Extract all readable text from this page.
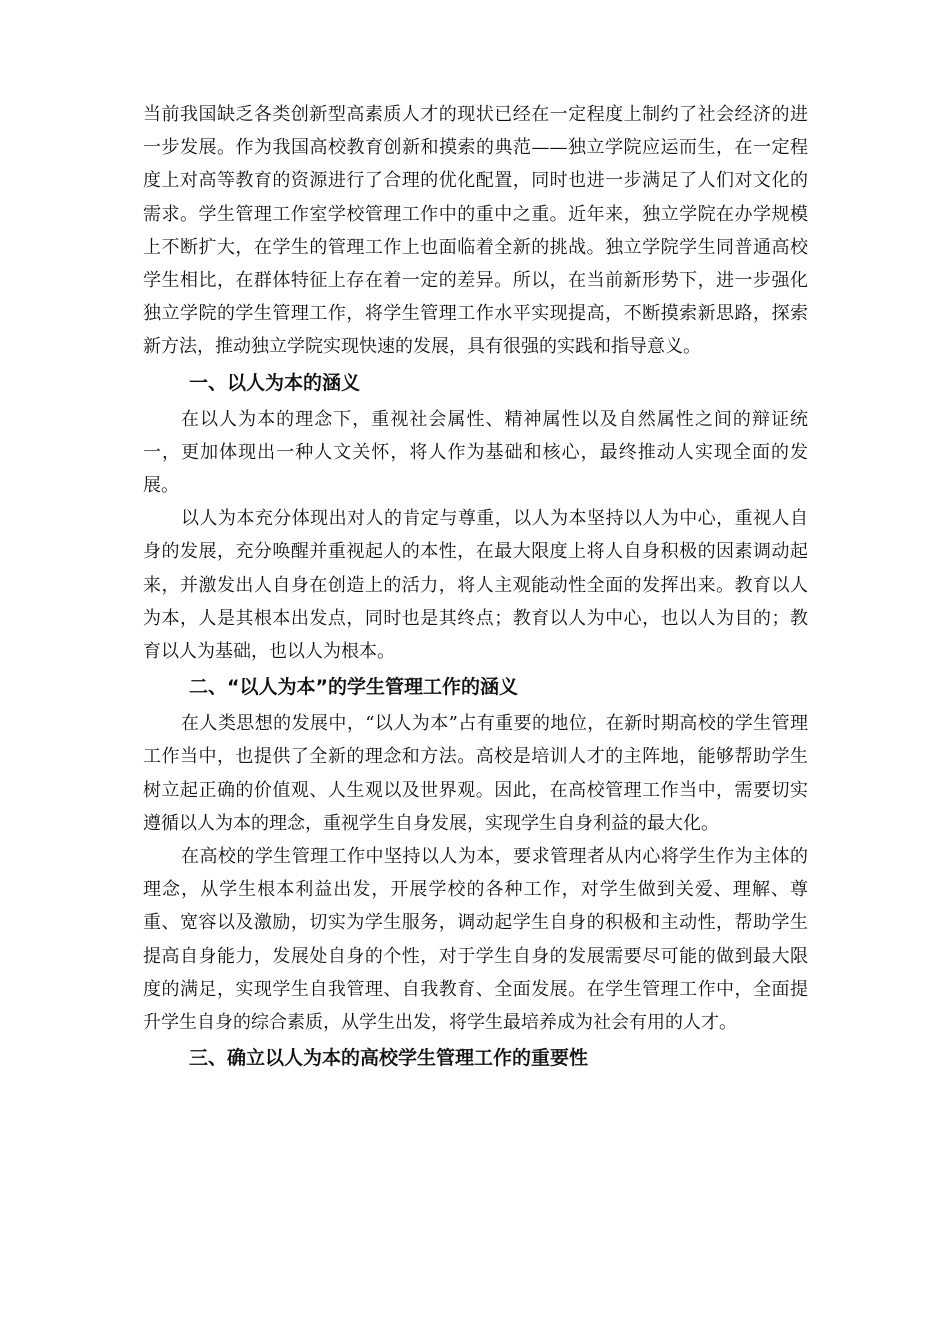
当前我国缺乏各类创新型高素质人才的现状已经在一定程度上制约了社会经济的进一步发展。作为我国高校教育创新和摸索的典范——独立学院应运而生，在一定程度上对高等教育的资源进行了合理的优化配置，同时也进一步满足了人们对文化的需求。学生管理工作室学校管理工作中的重中之重。近年来，独立学院在办学规模上不断扩大，在学生的管理工作上也面临着全新的挑战。独立学院学生同普通高校学生相比，在群体特征上存在着一定的差异。所以，在当前新形势下，进一步强化独立学院的学生管理工作，将学生管理工作水平实现提高，不断摸索新思路，探索新方法，推动独立学院实现快速的发展，具有很强的实践和指导意义。

一、以人为本的涵义

在以人为本的理念下，重视社会属性、精神属性以及自然属性之间的辩证统一，更加体现出一种人文关怀，将人作为基础和核心，最终推动人实现全面的发展。

以人为本充分体现出对人的肯定与尊重，以人为本坚持以人为中心，重视人自身的发展，充分唤醒并重视起人的本性，在最大限度上将人自身积极的因素调动起来，并激发出人自身在创造上的活力，将人主观能动性全面的发挥出来。教育以人为本，人是其根本出发点，同时也是其终点；教育以人为中心，也以人为目的；教育以人为基础，也以人为根本。

二、“以人为本”的学生管理工作的涵义

在人类思想的发展中，“以人为本”占有重要的地位，在新时期高校的学生管理工作当中，也提供了全新的理念和方法。高校是培训人才的主阵地，能够帮助学生树立起正确的价值观、人生观以及世界观。因此，在高校管理工作当中，需要切实遵循以人为本的理念，重视学生自身发展，实现学生自身利益的最大化。

在高校的学生管理工作中坚持以人为本，要求管理者从内心将学生作为主体的理念，从学生根本利益出发，开展学校的各种工作，对学生做到关爱、理解、尊重、宽容以及激励，切实为学生服务，调动起学生自身的积极和主动性，帮助学生提高自身能力，发展处自身的个性，对于学生自身的发展需要尽可能的做到最大限度的满足，实现学生自我管理、自我教育、全面发展。在学生管理工作中，全面提升学生自身的综合素质，从学生出发，将学生最培养成为社会有用的人才。

三、确立以人为本的高校学生管理工作的重要性
